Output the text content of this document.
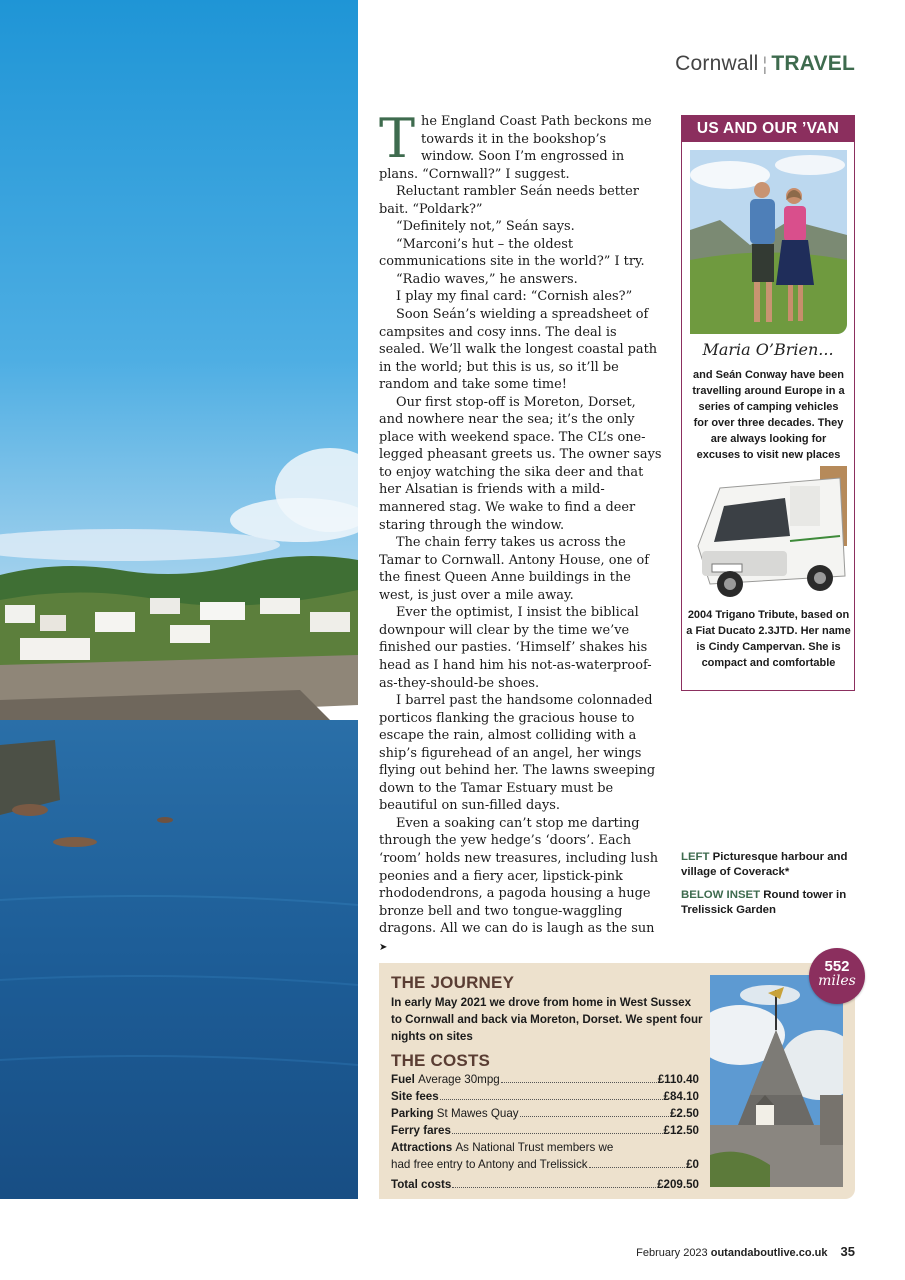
Cornwall ¦ TRAVEL
T he England Coast Path beckons me towards it in the bookshop’s window. Soon I’m engrossed in plans. “Cornwall?” I suggest.

Reluctant rambler Seán needs better bait. “Poldark?”

“Definitely not,” Seán says.

“Marconi’s hut – the oldest communications site in the world?” I try.

“Radio waves,” he answers.

I play my final card: “Cornish ales?”

Soon Seán’s wielding a spreadsheet of campsites and cosy inns. The deal is sealed. We’ll walk the longest coastal path in the world; but this is us, so it’ll be random and take some time!

Our first stop-off is Moreton, Dorset, and nowhere near the sea; it’s the only place with weekend space. The CL’s one-legged pheasant greets us. The owner says to enjoy watching the sika deer and that her Alsatian is friends with a mild-mannered stag. We wake to find a deer staring through the window.

The chain ferry takes us across the Tamar to Cornwall. Antony House, one of the finest Queen Anne buildings in the west, is just over a mile away.

Ever the optimist, I insist the biblical downpour will clear by the time we’ve finished our pasties. ‘Himself’ shakes his head as I hand him his not-as-waterproof-as-they-should-be shoes.

I barrel past the handsome colonnaded porticos flanking the gracious house to escape the rain, almost colliding with a ship’s figurehead of an angel, her wings flying out behind her. The lawns sweeping down to the Tamar Estuary must be beautiful on sun-filled days.

Even a soaking can’t stop me darting through the yew hedge’s ‘doors’. Each ‘room’ holds new treasures, including lush peonies and a fiery acer, lipstick-pink rhododendrons, a pagoda housing a huge bronze bell and two tongue-waggling dragons. All we can do is laugh as the sun ➤

US AND OUR ’VAN
Maria O’Brien...
and Seán Conway have been travelling around Europe in a series of camping vehicles for over three decades. They are always looking for excuses to visit new places
2004 Trigano Tribute, based on a Fiat Ducato 2.3JTD. Her name is Cindy Campervan. She is compact and comfortable
LEFT Picturesque harbour and village of Coverack*
BELOW INSET Round tower in Trelissick Garden
THE JOURNEY
In early May 2021 we drove from home in West Sussex to Cornwall and back via Moreton, Dorset. We spent four nights on sites
THE COSTS
Fuel
Average 30mpg	£110.40
Site fees	£84.10
Parking
St Mawes Quay	£2.50
Ferry fares	£12.50
Attractions
As National Trust members we
had free entry to Antony and Trelissick	£0
Total costs	£209.50
552
miles
February 2023 outandaboutlive.co.uk 35
